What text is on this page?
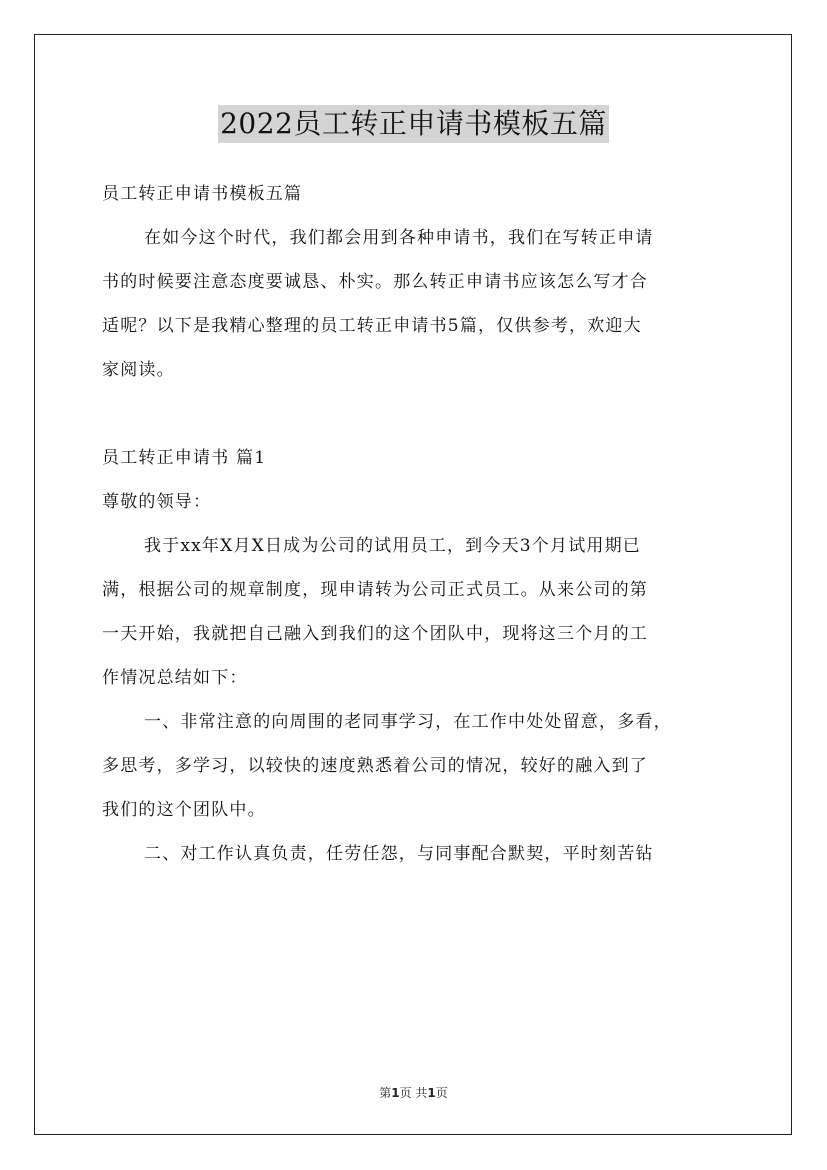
2022员工转正申请书模板五篇
员工转正申请书模板五篇
在如今这个时代，我们都会用到各种申请书，我们在写转正申请
书的时候要注意态度要诚恳、朴实。那么转正申请书应该怎么写才合
适呢？以下是我精心整理的员工转正申请书5篇，仅供参考，欢迎大
家阅读。
员工转正申请书 篇1
尊敬的领导：
我于xx年X月X日成为公司的试用员工，到今天3个月试用期已
满，根据公司的规章制度，现申请转为公司正式员工。从来公司的第
一天开始，我就把自己融入到我们的这个团队中，现将这三个月的工
作情况总结如下：
一、非常注意的向周围的老同事学习，在工作中处处留意，多看，
多思考，多学习，以较快的速度熟悉着公司的情况，较好的融入到了
我们的这个团队中。
二、对工作认真负责，任劳任怨，与同事配合默契，平时刻苦钻
第1页 共1页
